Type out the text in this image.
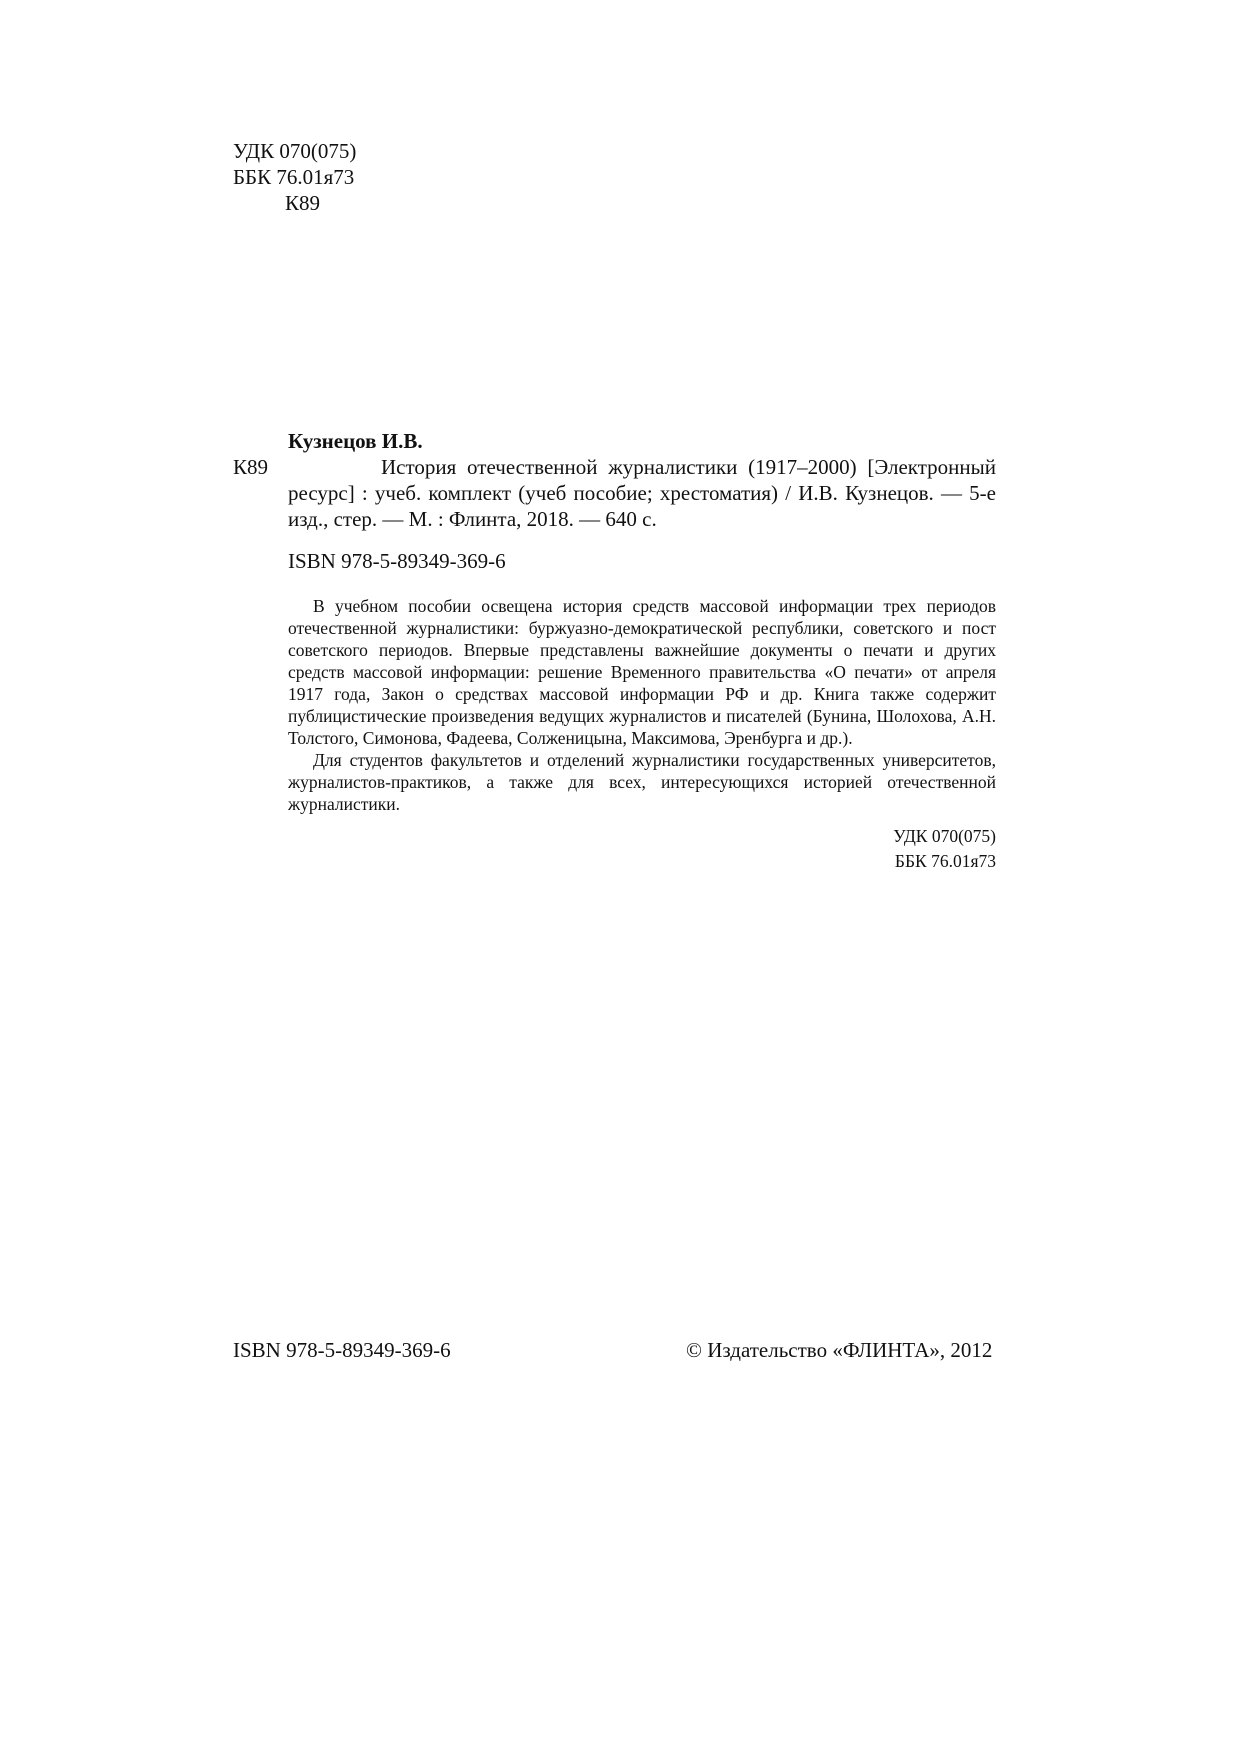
УДК 070(075)
ББК 76.01я73
К89
Кузнецов И.В.
К89	История отечественной журналистики (1917–2000) [Электронный ресурс] : учеб. комплект (учеб пособие; хрестоматия) / И.В. Кузнецов. — 5-е изд., стер. — М. : Флинта, 2018. — 640 с.
ISBN 978-5-89349-369-6

В учебном пособии освещена история средств массовой информации трех периодов отечественной журналистики: буржуазно-демократической республики, советского и пост советского периодов. Впервые представлены важнейшие документы о печати и других средств массовой информации: решение Временного правительства «О печати» от апреля 1917 года, Закон о средствах массовой информации РФ и др. Книга также содержит публицистические произведения ведущих журналистов и писателей (Бунина, Шолохова, А.Н. Толстого, Симонова, Фадеева, Солженицына, Максимова, Эренбурга и др.).

Для студентов факультетов и отделений журналистики государственных университетов, журналистов-практиков, а также для всех, интересующихся историей отечественной журналистики.

УДК 070(075)
ББК 76.01я73
ISBN 978-5-89349-369-6	© Издательство «ФЛИНТА», 2012
